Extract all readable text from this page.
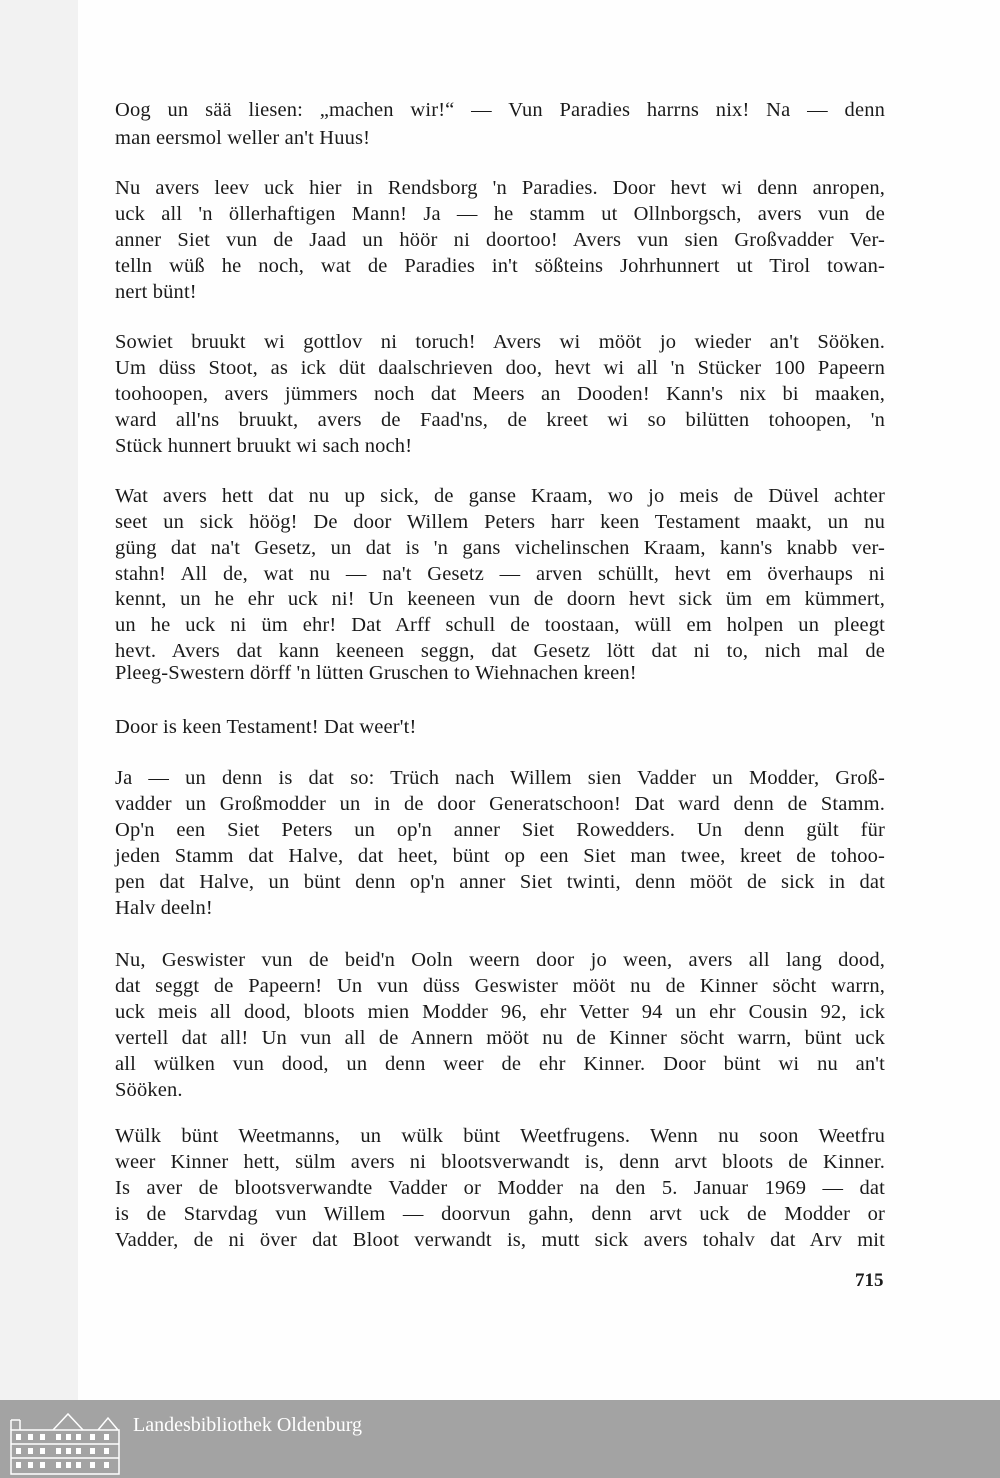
Oog un sää liesen: „machen wir!“ — Vun Paradies harrns nix! Na — denn
man eersmol weller an't Huus!
Nu avers leev uck hier in Rendsborg 'n Paradies. Door hevt wi denn anropen,
uck all 'n öllerhaftigen Mann! Ja — he stamm ut Ollnborgsch, avers vun de
anner Siet vun de Jaad un höör ni doortoo! Avers vun sien Großvadder Ver-
telln wüß he noch, wat de Paradies in't sößteins Johrhunnert ut Tirol towan-
nert bünt!
Sowiet bruukt wi gottlov ni toruch! Avers wi mööt jo wieder an't Sööken.
Um düss Stoot, as ick düt daalschrieven doo, hevt wi all 'n Stücker 100 Papeern
toohoopen, avers jümmers noch dat Meers an Dooden! Kann's nix bi maaken,
ward all'ns bruukt, avers de Faad'ns, de kreet wi so bilütten tohoopen, 'n
Stück hunnert bruukt wi sach noch!
Wat avers hett dat nu up sick, de ganse Kraam, wo jo meis de Düvel achter
seet un sick höög! De door Willem Peters harr keen Testament maakt, un nu
güng dat na't Gesetz, un dat is 'n gans vichelinschen Kraam, kann's knabb ver-
stahn! All de, wat nu — na't Gesetz — arven schüllt, hevt em överhaups ni
kennt, un he ehr uck ni! Un keeneen vun de doorn hevt sick üm em kümmert,
un he uck ni üm ehr! Dat Arff schull de toostaan, wüll em holpen un pleegt
hevt. Avers dat kann keeneen seggn, dat Gesetz lött dat ni to, nich mal de
Pleeg-Swestern dörff 'n lütten Gruschen to Wiehnachen kreen!
Door is keen Testament! Dat weer't!
Ja — un denn is dat so: Trüch nach Willem sien Vadder un Modder, Groß-
vadder un Großmodder un in de door Generatschoon! Dat ward denn de Stamm.
Op'n een Siet Peters un op'n anner Siet Rowedders. Un denn gült für
jeden Stamm dat Halve, dat heet, bünt op een Siet man twee, kreet de tohoo-
pen dat Halve, un bünt denn op'n anner Siet twinti, denn mööt de sick in dat
Halv deeln!
Nu, Geswister vun de beid'n Ooln weern door jo ween, avers all lang dood,
dat seggt de Papeern! Un vun düss Geswister mööt nu de Kinner söcht warrn,
uck meis all dood, bloots mien Modder 96, ehr Vetter 94 un ehr Cousin 92, ick
vertell dat all! Un vun all de Annern mööt nu de Kinner söcht warrn, bünt uck
all wülken vun dood, un denn weer de ehr Kinner. Door bünt wi nu an't
Sööken.
Wülk bünt Weetmanns, un wülk bünt Weetfrugens. Wenn nu soon Weetfru
weer Kinner hett, sülm avers ni blootsverwandt is, denn arvt bloots de Kinner.
Is aver de blootsverwandte Vadder or Modder na den 5. Januar 1969 — dat
is de Starvdag vun Willem — doorvun gahn, denn arvt uck de Modder or
Vadder, de ni över dat Bloot verwandt is, mutt sick avers tohalv dat Arv mit
715
Landesbibliothek Oldenburg
